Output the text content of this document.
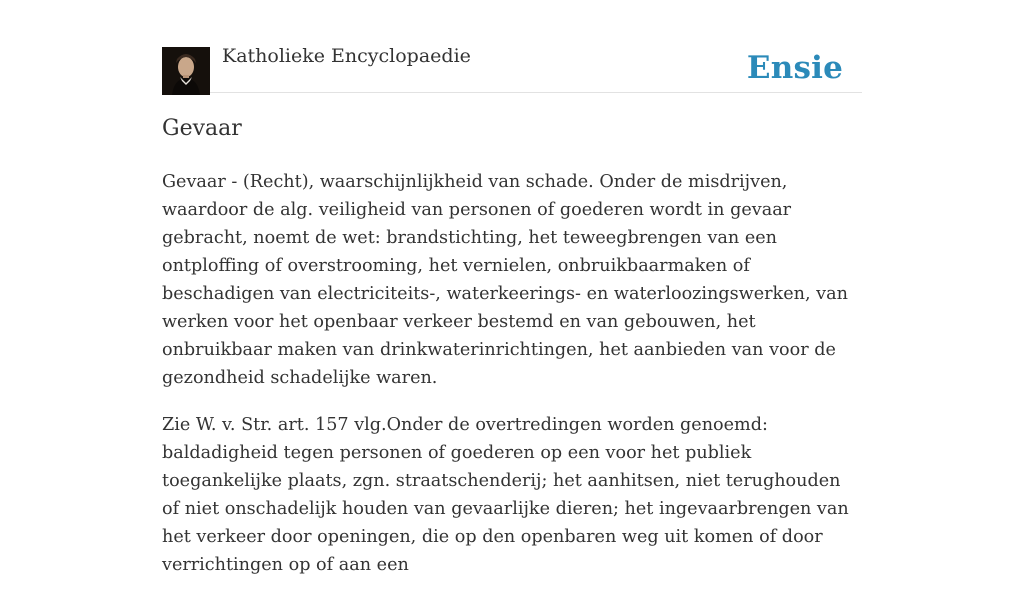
Katholieke Encyclopaedie	Ensie
Gevaar

Gevaar - (Recht), waarschijnlijkheid van schade. Onder de misdrijven, waardoor de alg. veiligheid van personen of goederen wordt in gevaar gebracht, noemt de wet: brandstichting, het teweegbrengen van een ontploffing of overstrooming, het vernielen, onbruikbaarmaken of beschadigen van electriciteits-, waterkeerings- en waterloozingswerken, van werken voor het openbaar verkeer bestemd en van gebouwen, het onbruikbaar maken van drinkwaterinrichtingen, het aanbieden van voor de gezondheid schadelijke waren.

Zie W. v. Str. art. 157 vlg.Onder de overtredingen worden genoemd: baldadigheid tegen personen of goederen op een voor het publiek toegankelijke plaats, zgn. straatschenderij; het aanhitsen, niet terughouden of niet onschadelijk houden van gevaarlijke dieren; het ingevaarbrengen van het verkeer door openingen, die op den openbaren weg uit komen of door verrichtingen op of aan een
